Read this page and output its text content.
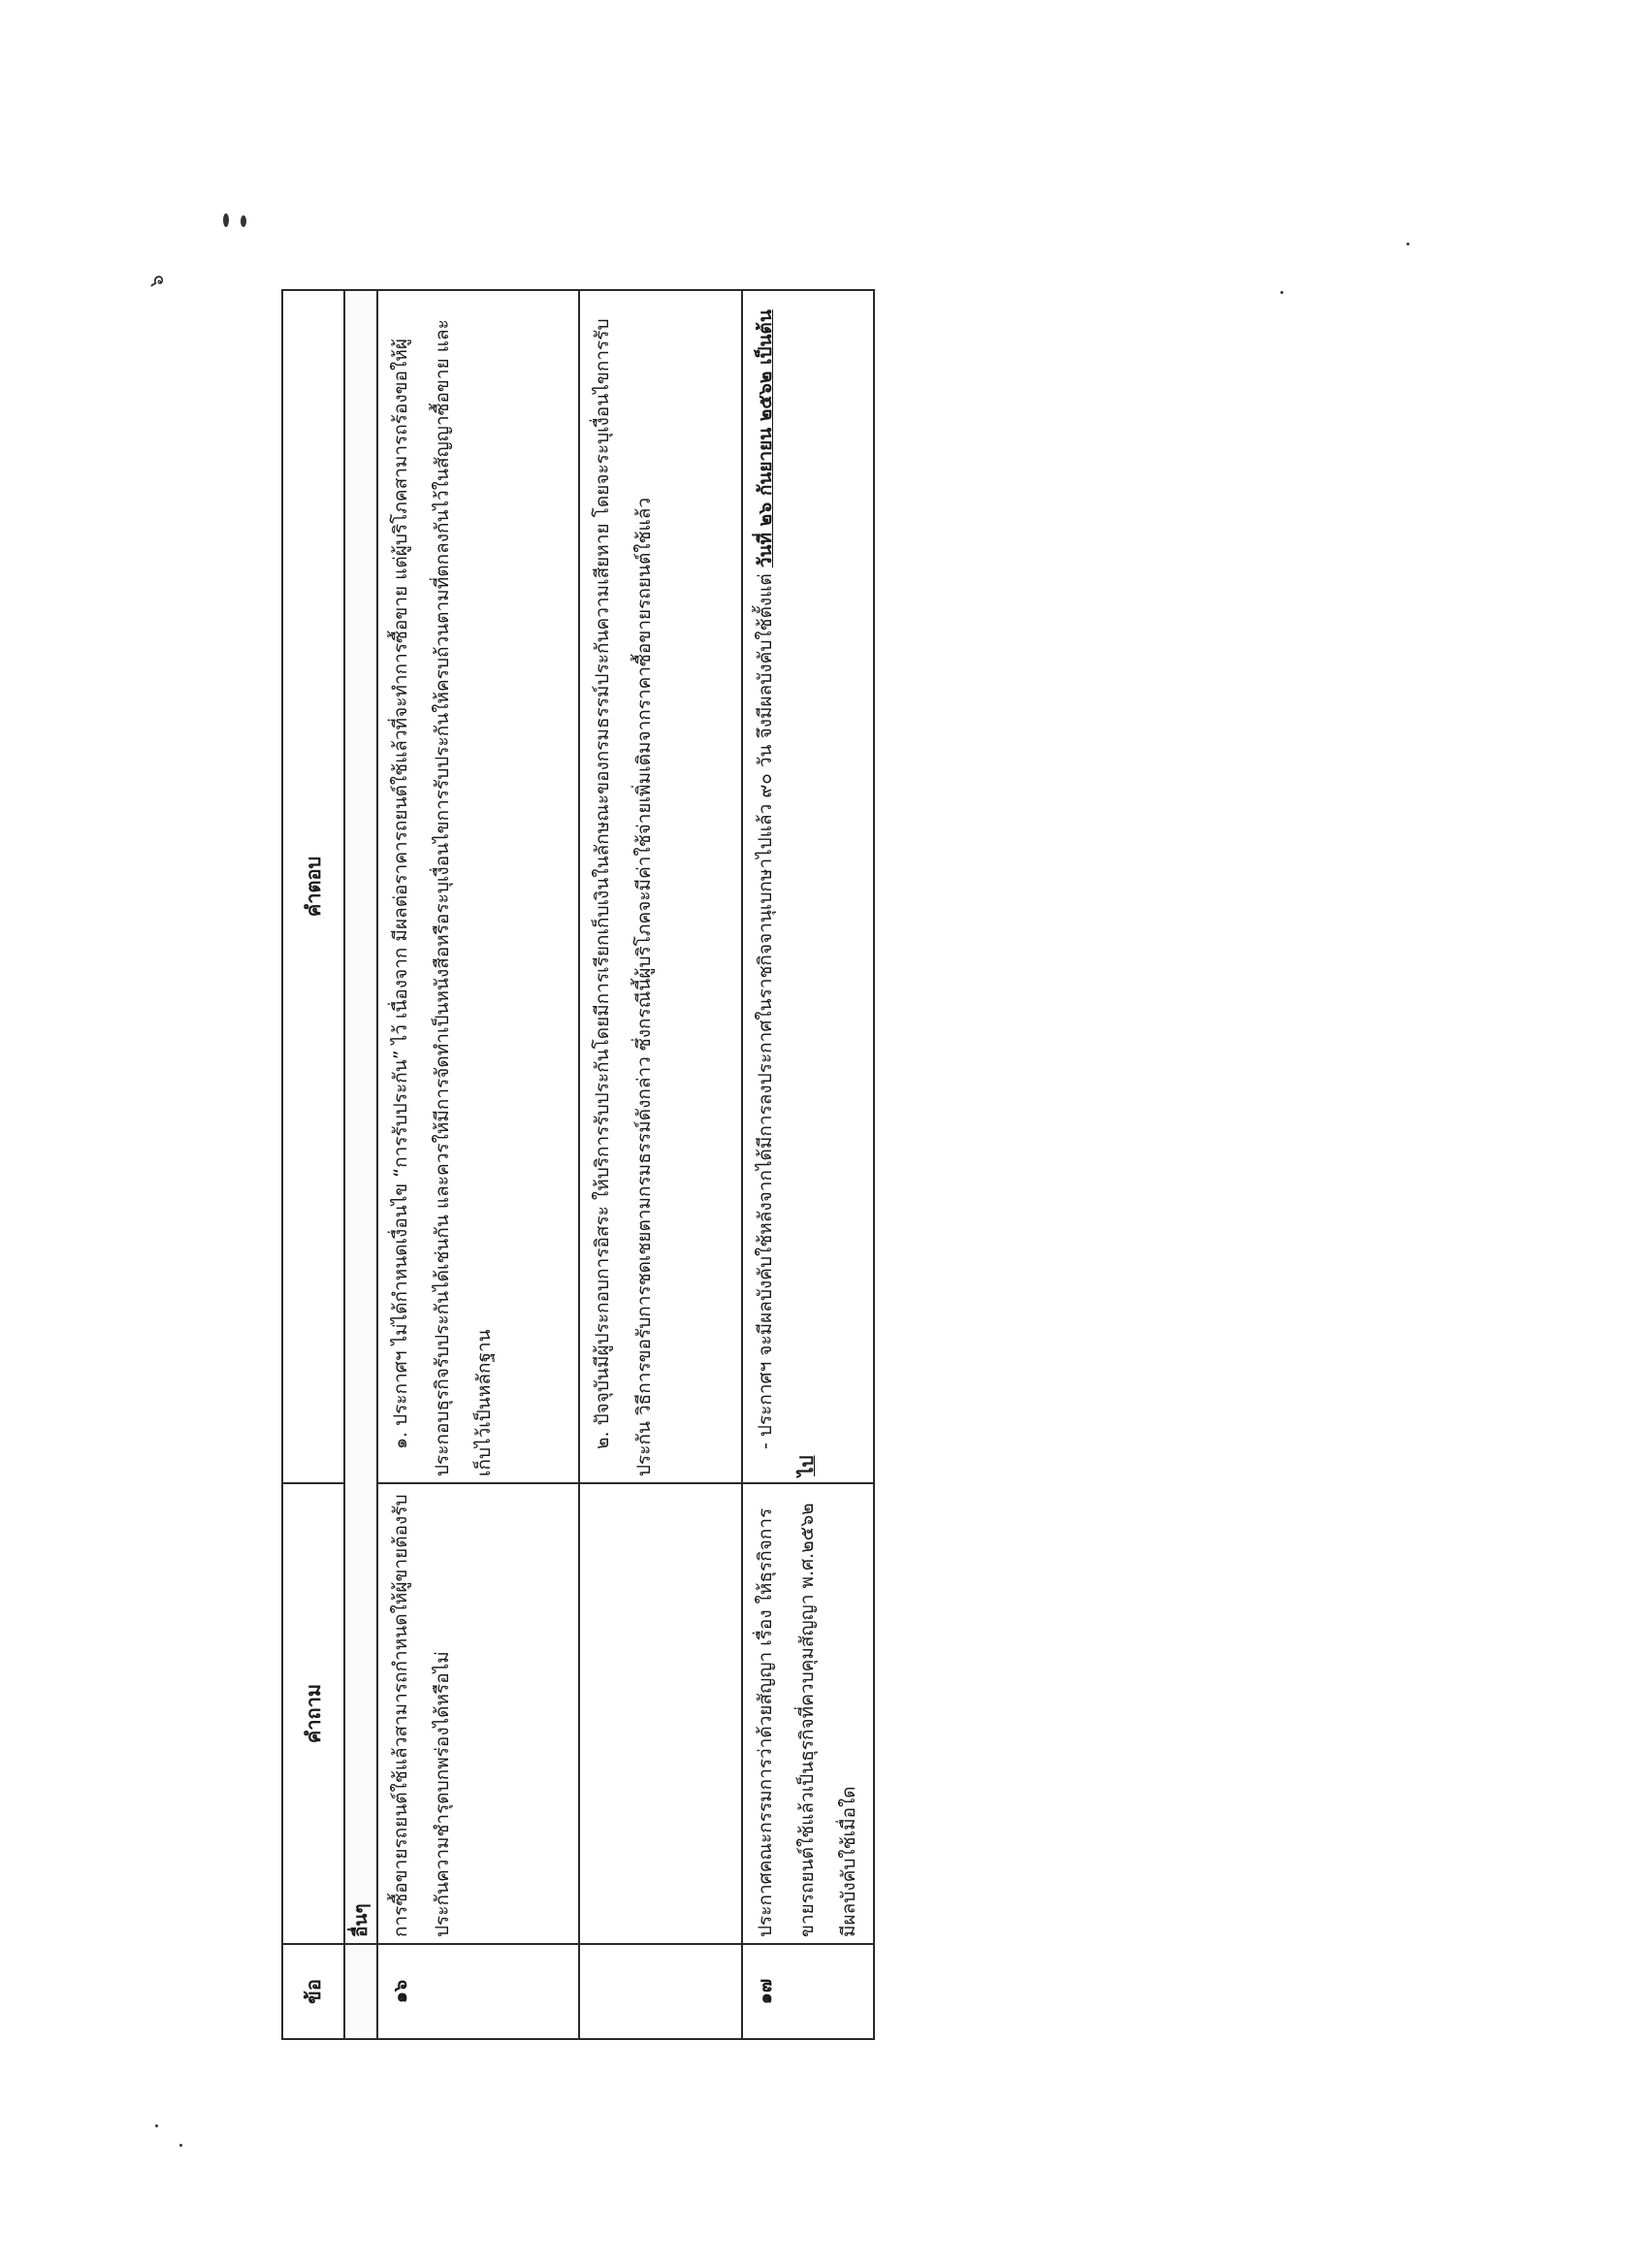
๖
ข้อ	คำถาม	คำตอบ
	อื่นๆ	
๑๖	การซื้อขายรถยนต์ใช้แล้วสามารถกำหนดให้ผู้ขายต้องรับประกันความชำรุดบกพร่องได้หรือไม่	๑. ประกาศฯ ไม่ได้กำหนดเงื่อนไข “การรับประกัน” ไว้ เนื่องจาก มีผลต่อราคารถยนต์ใช้แล้วที่จะทำการซื้อขาย แต่ผู้บริโภคสามารถร้องขอให้ผู้ประกอบธุรกิจรับประกันได้เช่นกัน และควรให้มีการจัดทำเป็นหนังสือหรือระบุเงื่อนไขการรับประกันให้ครบถ้วนตามที่ตกลงกันไว้ในสัญญาซื้อขาย และเก็บไว้เป็นหลักฐาน

		๒. ปัจจุบันมีผู้ประกอบการอิสระ ให้บริการรับประกันโดยมีการเรียกเก็บเงินในลักษณะของกรมธรรม์ประกันความเสียหาย โดยจะระบุเงื่อนไขการรับประกัน วิธีการขอรับการชดเชยตามกรมธรรม์ดังกล่าว ซึ่งกรณีนี้ผู้บริโภคจะมีค่าใช้จ่ายเพิ่มเติมจากราคาซื้อขายรถยนต์ใช้แล้ว

๑๗	ประกาศคณะกรรมการว่าด้วยสัญญา เรื่อง ให้ธุรกิจการขายรถยนต์ใช้แล้วเป็นธุรกิจที่ควบคุมสัญญา พ.ศ.๒๕๖๒ มีผลบังคับใช้เมื่อใด	- ประกาศฯ จะมีผลบังคับใช้หลังจากได้มีการลงประกาศในราชกิจจานุเบกษาไปแล้ว ๙๐ วัน จึงมีผลบังคับใช้ตั้งแต่ วันที่ ๒๖ กันยายน ๒๕๖๒ เป็นต้นไป
